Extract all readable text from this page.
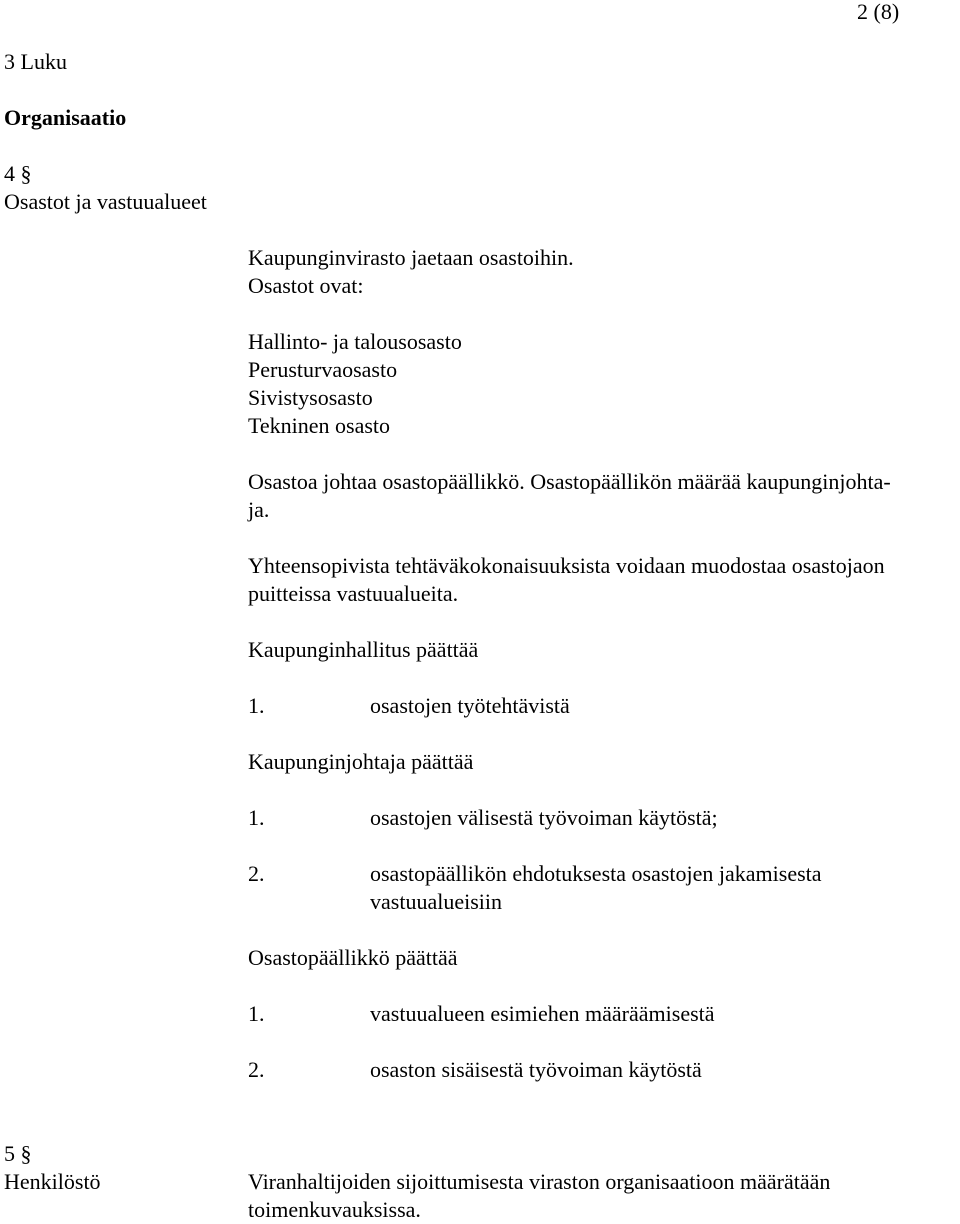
2 (8)
3 Luku
Organisaatio
4 §
Osastot ja vastuualueet
Kaupunginvirasto jaetaan osastoihin.
Osastot ovat:
Hallinto- ja talousosasto
Perusturvaosasto
Sivistysosasto
Tekninen osasto
Osastoa johtaa osastopäällikkö. Osastopäällikön määrää kaupunginjohta-
ja.
Yhteensopivista tehtäväkokonaisuuksista voidaan muodostaa osastojaon
puitteissa vastuualueita.
Kaupunginhallitus päättää
1.	osastojen työtehtävistä
Kaupunginjohtaja päättää
1.	osastojen välisestä työvoiman käytöstä;
2.	osastopäällikön ehdotuksesta osastojen jakamisesta
vastuualueisiin
Osastopäällikkö päättää
1.	vastuualueen esimiehen määräämisestä
2.	osaston sisäisestä työvoiman käytöstä
5 §
Henkilöstö	Viranhaltijoiden sijoittumisesta viraston organisaatioon määrätään
toimenkuvauksissa.
